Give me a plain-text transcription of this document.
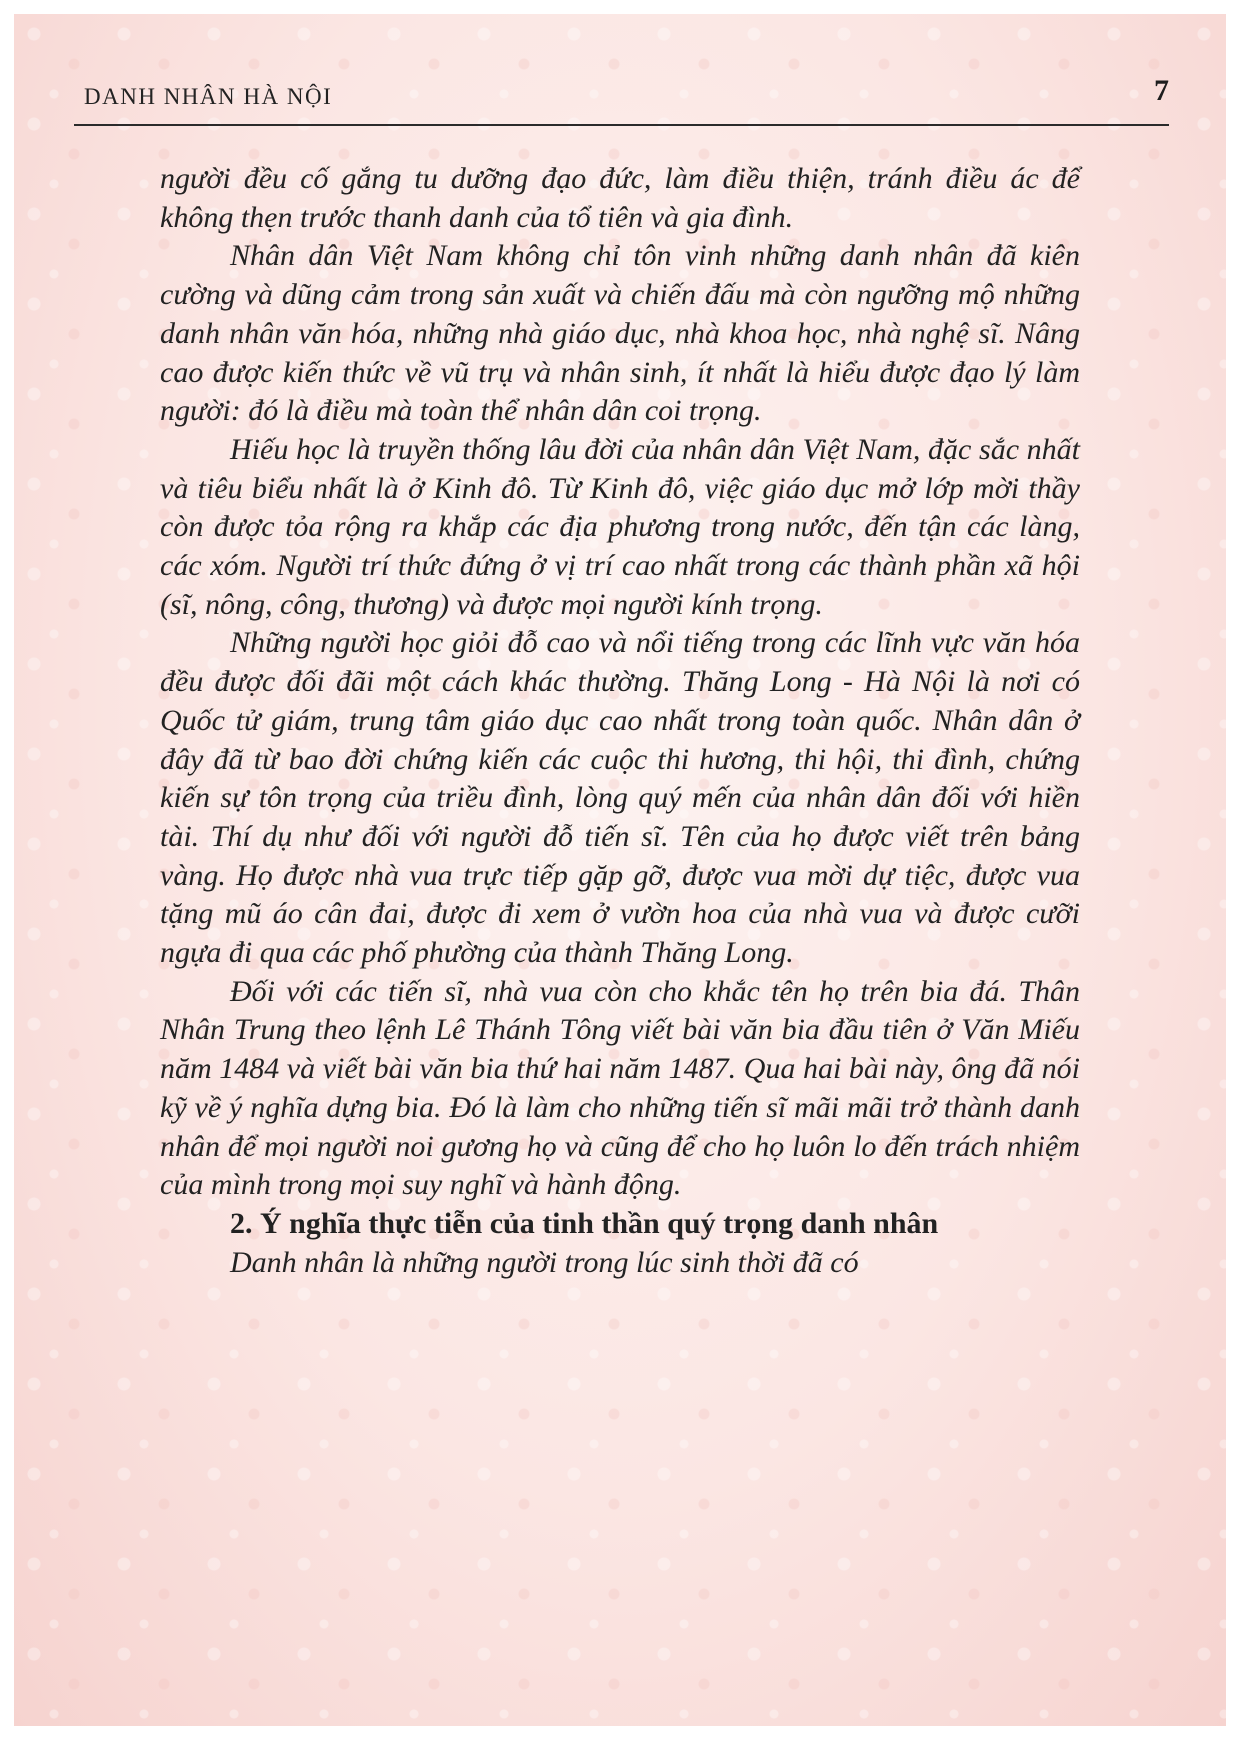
DANH NHÂN HÀ NỘI	7

người đều cố gắng tu dưỡng đạo đức, làm điều thiện, tránh điều ác để không thẹn trước thanh danh của tổ tiên và gia đình.

Nhân dân Việt Nam không chỉ tôn vinh những danh nhân đã kiên cường và dũng cảm trong sản xuất và chiến đấu mà còn ngưỡng mộ những danh nhân văn hóa, những nhà giáo dục, nhà khoa học, nhà nghệ sĩ. Nâng cao được kiến thức về vũ trụ và nhân sinh, ít nhất là hiểu được đạo lý làm người: đó là điều mà toàn thể nhân dân coi trọng.

Hiếu học là truyền thống lâu đời của nhân dân Việt Nam, đặc sắc nhất và tiêu biểu nhất là ở Kinh đô. Từ Kinh đô, việc giáo dục mở lớp mời thầy còn được tỏa rộng ra khắp các địa phương trong nước, đến tận các làng, các xóm. Người trí thức đứng ở vị trí cao nhất trong các thành phần xã hội (sĩ, nông, công, thương) và được mọi người kính trọng.

Những người học giỏi đỗ cao và nổi tiếng trong các lĩnh vực văn hóa đều được đối đãi một cách khác thường. Thăng Long - Hà Nội là nơi có Quốc tử giám, trung tâm giáo dục cao nhất trong toàn quốc. Nhân dân ở đây đã từ bao đời chứng kiến các cuộc thi hương, thi hội, thi đình, chứng kiến sự tôn trọng của triều đình, lòng quý mến của nhân dân đối với hiền tài. Thí dụ như đối với người đỗ tiến sĩ. Tên của họ được viết trên bảng vàng. Họ được nhà vua trực tiếp gặp gỡ, được vua mời dự tiệc, được vua tặng mũ áo cân đai, được đi xem ở vườn hoa của nhà vua và được cưỡi ngựa đi qua các phố phường của thành Thăng Long.

Đối với các tiến sĩ, nhà vua còn cho khắc tên họ trên bia đá. Thân Nhân Trung theo lệnh Lê Thánh Tông viết bài văn bia đầu tiên ở Văn Miếu năm 1484 và viết bài văn bia thứ hai năm 1487. Qua hai bài này, ông đã nói kỹ về ý nghĩa dựng bia. Đó là làm cho những tiến sĩ mãi mãi trở thành danh nhân để mọi người noi gương họ và cũng để cho họ luôn lo đến trách nhiệm của mình trong mọi suy nghĩ và hành động.

2. Ý nghĩa thực tiễn của tinh thần quý trọng danh nhân

Danh nhân là những người trong lúc sinh thời đã có
